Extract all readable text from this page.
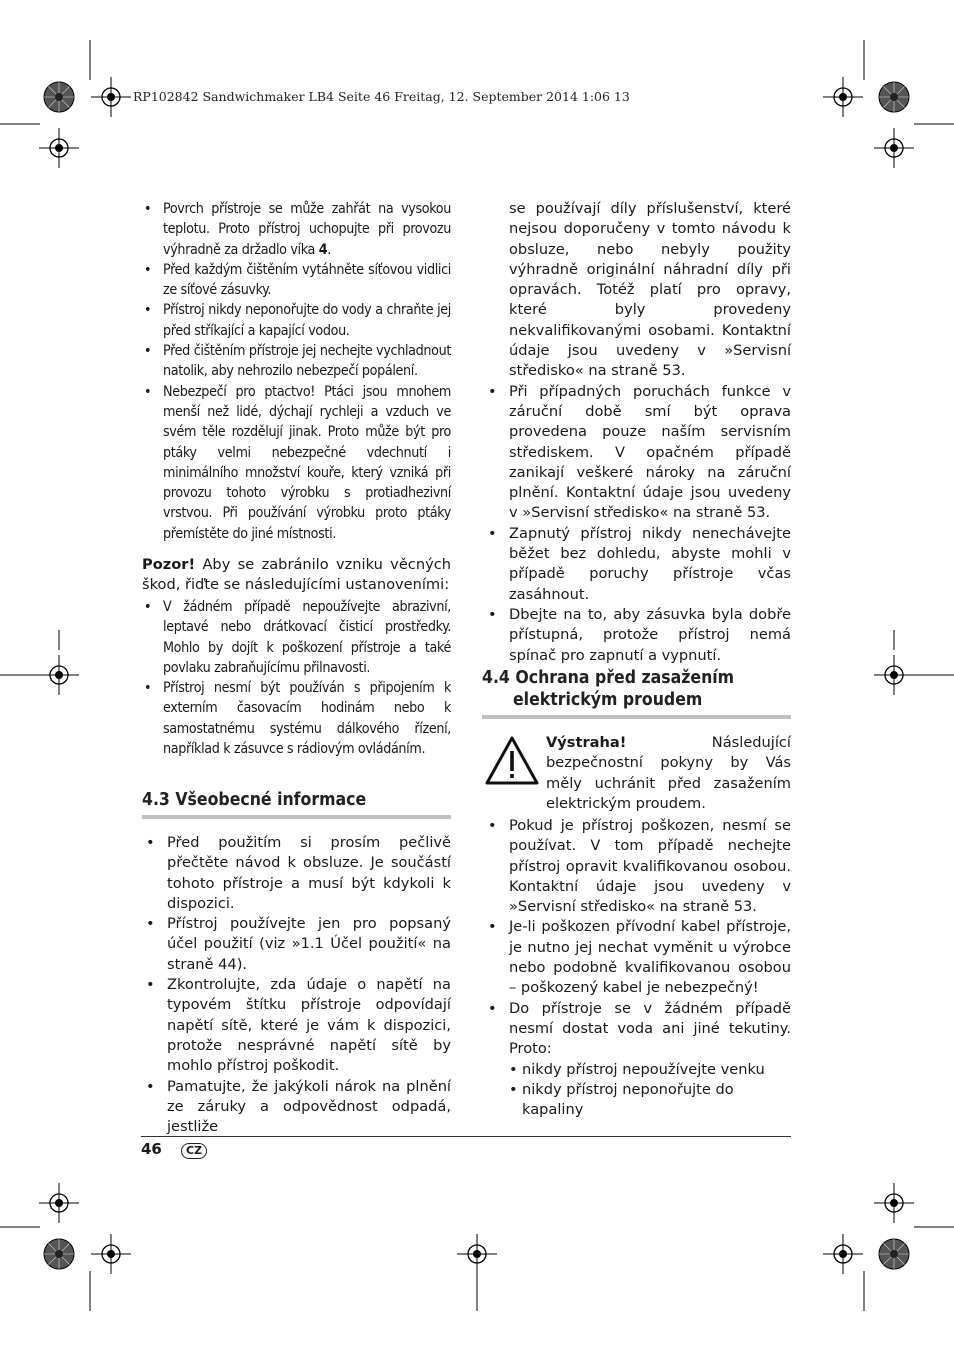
RP102842 Sandwichmaker LB4 Seite 46 Freitag, 12. September 2014 1:06 13
• Povrch přístroje se může zahřát na vysokou teplotu. Proto přístroj uchopujte při provozu výhradně za držadlo víka 4.
• Před každým čištěním vytáhněte síťovou vidlici ze síťové zásuvky.
• Přístroj nikdy neponořujte do vody a chraňte jej před stříkající a kapající vodou.
• Před čištěním přístroje jej nechejte vychladnout natolik, aby nehrozilo nebezpečí popálení.
• Nebezpečí pro ptactvo! Ptáci jsou mnohem menší než lidé, dýchají rychleji a vzduch ve svém těle rozdělují jinak. Proto může být pro ptáky velmi nebezpečné vdechnutí i minimálního množství kouře, který vzniká při provozu tohoto výrobku s protiadhezivní vrstvou. Při používání výrobku proto ptáky přemístěte do jiné místnosti.

Pozor! Aby se zabránilo vzniku věcných škod, řiďte se následujícími ustanoveními:

• V žádném případě nepoužívejte abrazivní, leptavé nebo drátkovací čisticí prostředky. Mohlo by dojít k poškození přístroje a také povlaku zabraňujícímu přilnavosti.
• Přístroj nesmí být používán s připojením k externím časovacím hodinám nebo k samostatnému systému dálkového řízení, například k zásuvce s rádiovým ovládáním.
4.3 Všeobecné informace
• Před použitím si prosím pečlivě přečtěte návod k obsluze. Je součástí tohoto přístroje a musí být kdykoli k dispozici.
• Přístroj používejte jen pro popsaný účel použití (viz »1.1 Účel použití« na straně 44).
• Zkontrolujte, zda údaje o napětí na typovém štítku přístroje odpovídají napětí sítě, které je vám k dispozici, protože nesprávné napětí sítě by mohlo přístroj poškodit.
• Pamatujte, že jakýkoli nárok na plnění ze záruky a odpovědnost odpadá, jestliže

se používají díly příslušenství, které nejsou doporučeny v tomto návodu k obsluze, nebo nebyly použity výhradně originální náhradní díly při opravách. Totéž platí pro opravy, které byly provedeny nekvalifikovanými osobami. Kontaktní údaje jsou uvedeny v »Servisní středisko« na straně 53.

• Při případných poruchách funkce v záruční době smí být oprava provedena pouze naším servisním střediskem. V opačném případě zanikají veškeré nároky na záruční plnění. Kontaktní údaje jsou uvedeny v »Servisní středisko« na straně 53.
• Zapnutý přístroj nikdy nenechávejte běžet bez dohledu, abyste mohli v případě poruchy přístroje včas zasáhnout.
• Dbejte na to, aby zásuvka byla dobře přístupná, protože přístroj nemá spínač pro zapnutí a vypnutí.
4.4 Ochrana před zasažením
elektrickým proudem
Výstraha! Následující bezpečnostní pokyny by Vás měly uchránit před zasažením elektrickým proudem.
• Pokud je přístroj poškozen, nesmí se používat. V tom případě nechejte přístroj opravit kvalifikovanou osobou. Kontaktní údaje jsou uvedeny v »Servisní středisko« na straně 53.
• Je-li poškozen přívodní kabel přístroje, je nutno jej nechat vyměnit u výrobce nebo podobně kvalifikovanou osobou – poškozený kabel je nebezpečný!
• Do přístroje se v žádném případě nesmí dostat voda ani jiné tekutiny. Proto:
• nikdy přístroj nepoužívejte venku
• nikdy přístroj neponořujte do kapaliny
46	CZ
